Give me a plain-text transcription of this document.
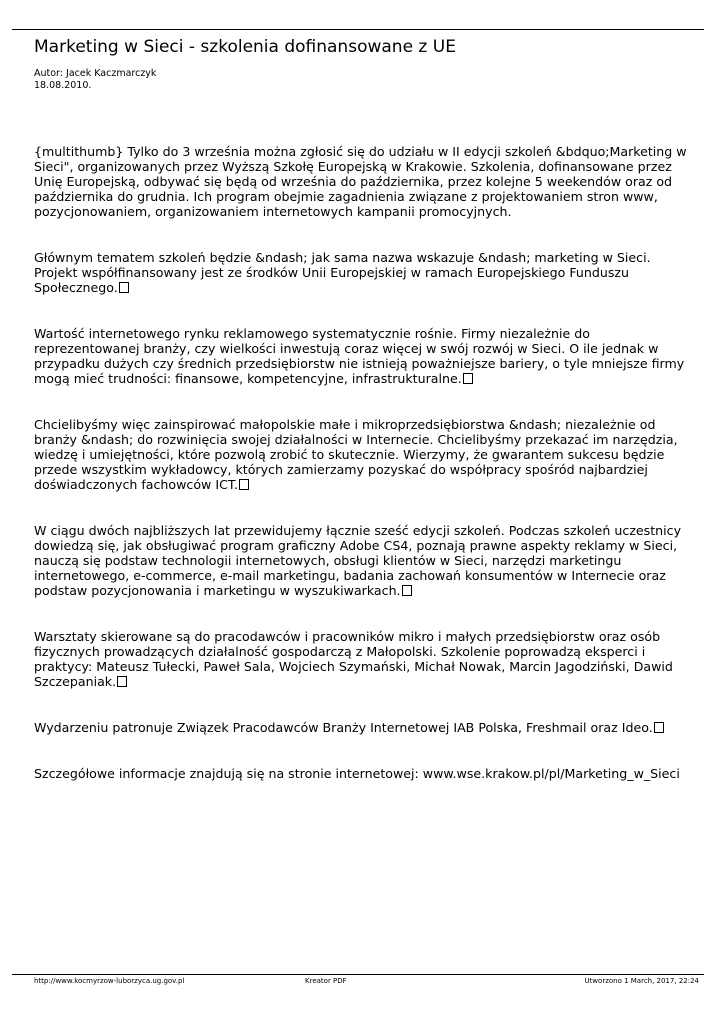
Marketing w Sieci - szkolenia dofinansowane z UE
Autor: Jacek Kaczmarczyk
18.08.2010.

{multithumb} Tylko do 3 września można zgłosić się do udziału w II edycji szkoleń &bdquo;Marketing w Sieci", organizowanych przez Wyższą Szkołę Europejską w Krakowie. Szkolenia, dofinansowane przez Unię Europejską, odbywać się będą od września do października, przez kolejne 5 weekendów oraz od października do grudnia. Ich program obejmie zagadnienia związane z projektowaniem stron www, pozycjonowaniem, organizowaniem internetowych kampanii promocyjnych.

Głównym tematem szkoleń będzie &ndash; jak sama nazwa wskazuje &ndash; marketing w Sieci. Projekt współfinansowany jest ze środków Unii Europejskiej w ramach Europejskiego Funduszu Społecznego.

Wartość internetowego rynku reklamowego systematycznie rośnie. Firmy niezależnie do reprezentowanej branży, czy wielkości inwestują coraz więcej w swój rozwój w Sieci. O ile jednak w przypadku dużych czy średnich przedsiębiorstw nie istnieją poważniejsze bariery, o tyle mniejsze firmy mogą mieć trudności: finansowe, kompetencyjne, infrastrukturalne.

Chcielibyśmy więc zainspirować małopolskie małe i mikroprzedsiębiorstwa &ndash; niezależnie od branży &ndash; do rozwinięcia swojej działalności w Internecie. Chcielibyśmy przekazać im narzędzia, wiedzę i umiejętności, które pozwolą zrobić to skutecznie. Wierzymy, że gwarantem sukcesu będzie przede wszystkim wykładowcy, których zamierzamy pozyskać do współpracy spośród najbardziej doświadczonych fachowców ICT.

W ciągu dwóch najbliższych lat przewidujemy łącznie sześć edycji szkoleń. Podczas szkoleń uczestnicy dowiedzą się, jak obsługiwać program graficzny Adobe CS4, poznają prawne aspekty reklamy w Sieci, nauczą się podstaw technologii internetowych, obsługi klientów w Sieci, narzędzi marketingu internetowego, e-commerce, e-mail marketingu, badania zachowań konsumentów w Internecie oraz podstaw pozycjonowania i marketingu w wyszukiwarkach.

Warsztaty skierowane są do pracodawców i pracowników mikro i małych przedsiębiorstw oraz osób fizycznych prowadzących działalność gospodarczą z Małopolski. Szkolenie poprowadzą eksperci i praktycy: Mateusz Tułecki, Paweł Sala, Wojciech Szymański, Michał Nowak, Marcin Jagodziński, Dawid Szczepaniak.

Wydarzeniu patronuje Związek Pracodawców Branży Internetowej IAB Polska, Freshmail oraz Ideo.

Szczegółowe informacje znajdują się na stronie internetowej: www.wse.krakow.pl/pl/Marketing_w_Sieci

http://www.kocmyrzow-luborzyca.ug.gov.pl	Kreator PDF	Utworzono 1 March, 2017, 22:24
